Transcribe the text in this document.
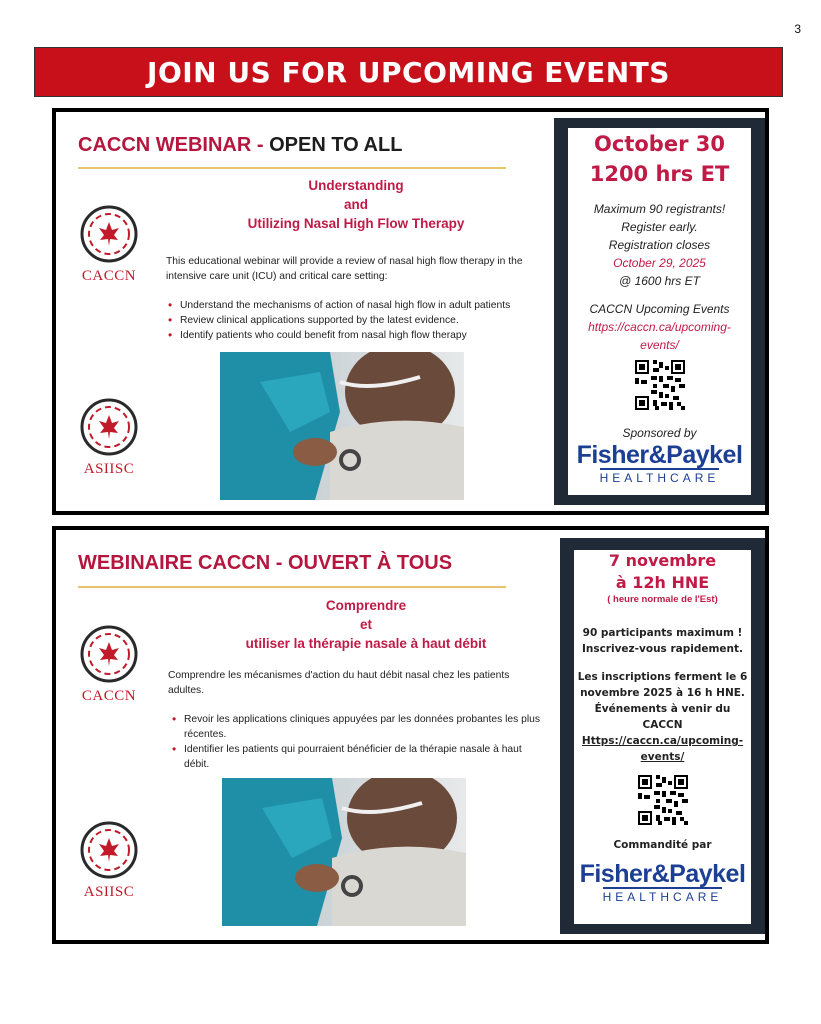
3
JOIN US FOR UPCOMING EVENTS
CACCN WEBINAR - OPEN TO ALL
Understanding
and
Utilizing Nasal High Flow Therapy
CACCN
ASIISC
This educational webinar will provide a review of nasal high flow therapy in the intensive care unit (ICU) and critical care setting:
• Understand the mechanisms of action of nasal high flow in adult patients
• Review clinical applications supported by the latest evidence.
• Identify patients who could benefit from nasal high flow therapy
October 30
1200 hrs ET
Maximum 90 registrants!
Register early.
Registration closes
October 29, 2025
@ 1600 hrs ET
CACCN Upcoming Events
https://caccn.ca/upcoming-
events/
Sponsored by
Fisher&Paykel
HEALTHCARE
WEBINAIRE CACCN - OUVERT À TOUS
Comprendre
et
utiliser la thérapie nasale à haut débit
CACCN
ASIISC
Comprendre les mécanismes d'action du haut débit nasal chez les patients adultes.
• Revoir les applications cliniques appuyées par les données probantes les plus récentes.
• Identifier les patients qui pourraient bénéficier de la thérapie nasale à haut débit.
7 novembre
à 12h HNE
( heure normale de l'Est)
90 participants maximum !
Inscrivez-vous rapidement.
Les inscriptions ferment le 6 novembre 2025 à 16 h HNE.
Événements à venir du CACCN
Https://caccn.ca/upcoming-
events/
Commandité par
Fisher&Paykel
HEALTHCARE
